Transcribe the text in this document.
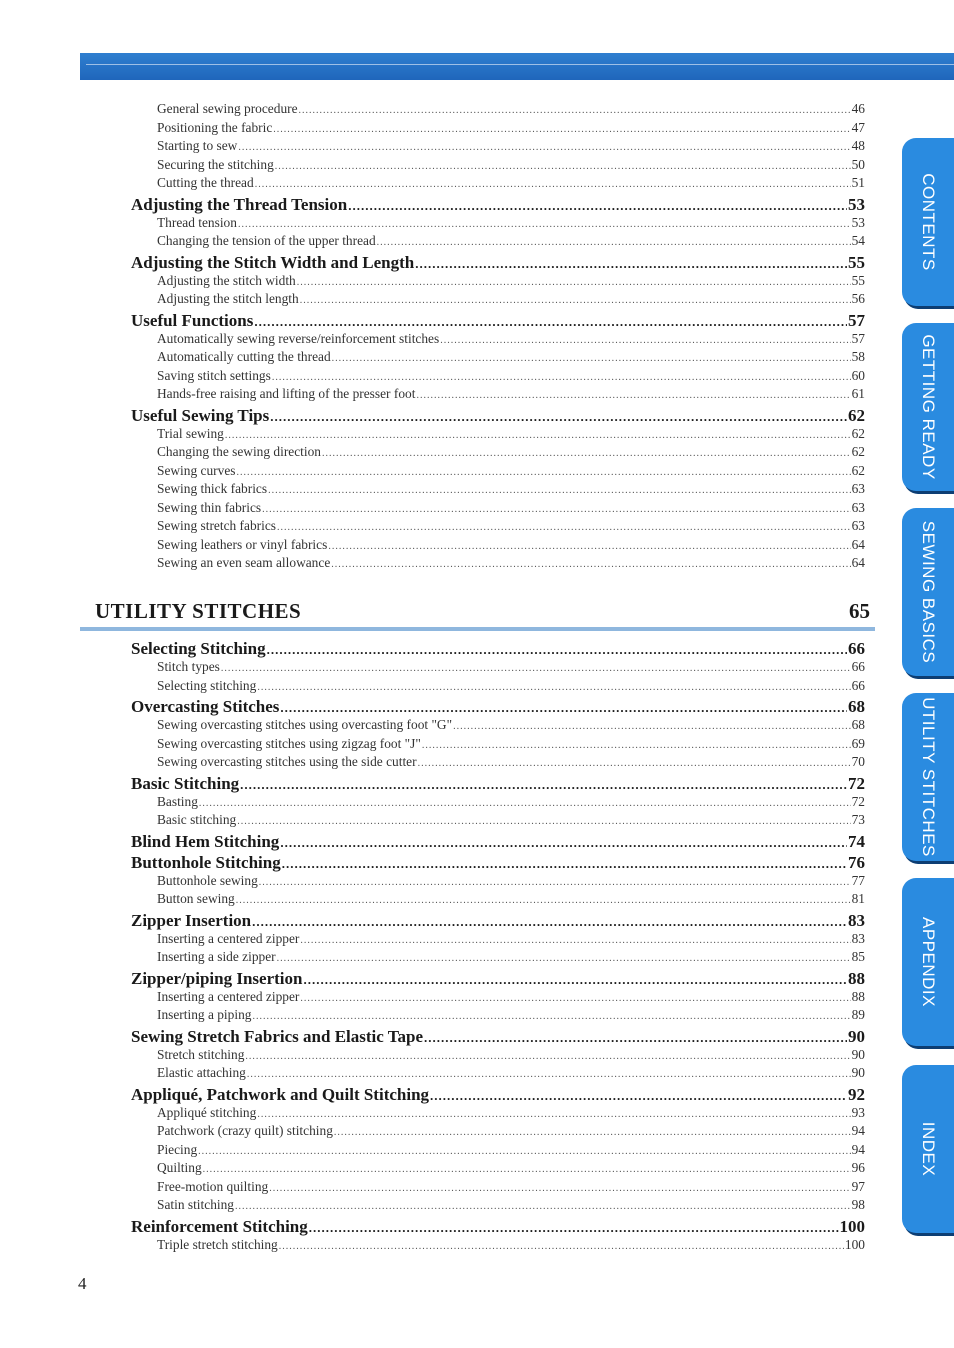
General sewing procedure .....	46
Positioning the fabric .....	47
Starting to sew .....	48
Securing the stitching .....	50
Cutting the thread .....	51
Adjusting the Thread Tension .....	53
Thread tension .....	53
Changing the tension of the upper thread .....	54
Adjusting the Stitch Width and Length .....	55
Adjusting the stitch width .....	55
Adjusting the stitch length .....	56
Useful Functions .....	57
Automatically sewing reverse/reinforcement stitches .....	57
Automatically cutting the thread .....	58
Saving stitch settings .....	60
Hands-free raising and lifting of the presser foot .....	61
Useful Sewing Tips .....	62
Trial sewing .....	62
Changing the sewing direction .....	62
Sewing curves .....	62
Sewing thick fabrics .....	63
Sewing thin fabrics .....	63
Sewing stretch fabrics .....	63
Sewing leathers or vinyl fabrics .....	64
Sewing an even seam allowance .....	64
UTILITY STITCHES	65
Selecting Stitching .....	66
Stitch types .....	66
Selecting stitching .....	66
Overcasting Stitches .....	68
Sewing overcasting stitches using overcasting foot "G" .....	68
Sewing overcasting stitches using zigzag foot "J" .....	69
Sewing overcasting stitches using the side cutter .....	70
Basic Stitching .....	72
Basting .....	72
Basic stitching .....	73
Blind Hem Stitching .....	74
Buttonhole Stitching .....	76
Buttonhole sewing .....	77
Button sewing .....	81
Zipper Insertion .....	83
Inserting a centered zipper .....	83
Inserting a side zipper .....	85
Zipper/piping Insertion .....	88
Inserting a centered zipper .....	88
Inserting a piping .....	89
Sewing Stretch Fabrics and Elastic Tape .....	90
Stretch stitching .....	90
Elastic attaching .....	90
Appliqué, Patchwork and Quilt Stitching .....	92
Appliqué stitching .....	93
Patchwork (crazy quilt) stitching .....	94
Piecing .....	94
Quilting .....	96
Free-motion quilting .....	97
Satin stitching .....	98
Reinforcement Stitching .....	100
Triple stretch stitching .....	100
4
CONTENTS
GETTING READY
SEWING BASICS
UTILITY STITCHES
APPENDIX
INDEX
